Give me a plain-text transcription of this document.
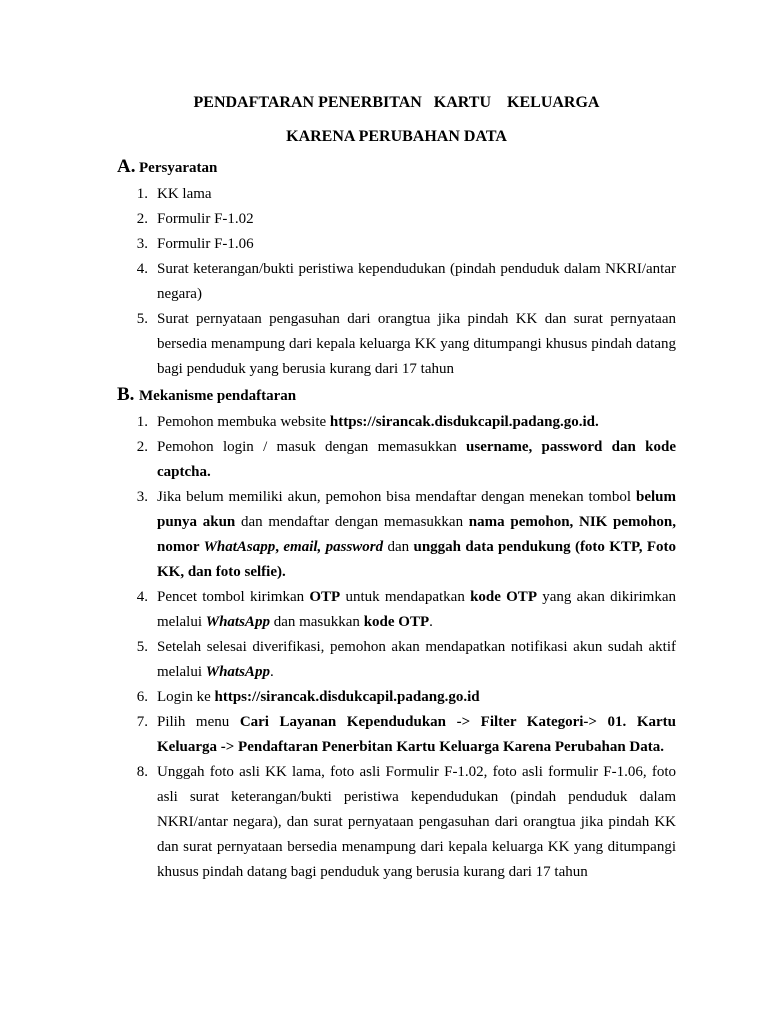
PENDAFTARAN PENERBITAN   KARTU    KELUARGA

KARENA PERUBAHAN DATA

A. Persyaratan
1. KK lama
2. Formulir F-1.02
3. Formulir F-1.06
4. Surat keterangan/bukti peristiwa kependudukan (pindah penduduk dalam NKRI/antar negara)
5. Surat pernyataan pengasuhan dari orangtua jika pindah KK dan surat pernyataan bersedia menampung dari kepala keluarga KK yang ditumpangi khusus pindah datang bagi penduduk yang berusia kurang dari 17 tahun
B. Mekanisme pendaftaran
1. Pemohon membuka website https://sirancak.disdukcapil.padang.go.id.
2. Pemohon login / masuk dengan memasukkan username, password dan kode captcha.
3. Jika belum memiliki akun, pemohon bisa mendaftar dengan menekan tombol belum punya akun dan mendaftar dengan memasukkan nama pemohon, NIK pemohon, nomor WhatAsapp, email, password dan unggah data pendukung (foto KTP, Foto KK, dan foto selfie).
4. Pencet tombol kirimkan OTP untuk mendapatkan kode OTP yang akan dikirimkan melalui WhatsApp dan masukkan kode OTP.
5. Setelah selesai diverifikasi, pemohon akan mendapatkan notifikasi akun sudah aktif melalui WhatsApp.
6. Login ke https://sirancak.disdukcapil.padang.go.id
7. Pilih menu Cari Layanan Kependudukan -> Filter Kategori-> 01. Kartu Keluarga -> Pendaftaran Penerbitan Kartu Keluarga Karena Perubahan Data.
8. Unggah foto asli KK lama, foto asli Formulir F-1.02, foto asli formulir F-1.06, foto asli surat keterangan/bukti peristiwa kependudukan (pindah penduduk dalam NKRI/antar negara), dan surat pernyataan pengasuhan dari orangtua jika pindah KK dan surat pernyataan bersedia menampung dari kepala keluarga KK yang ditumpangi khusus pindah datang bagi penduduk yang berusia kurang dari 17 tahun
